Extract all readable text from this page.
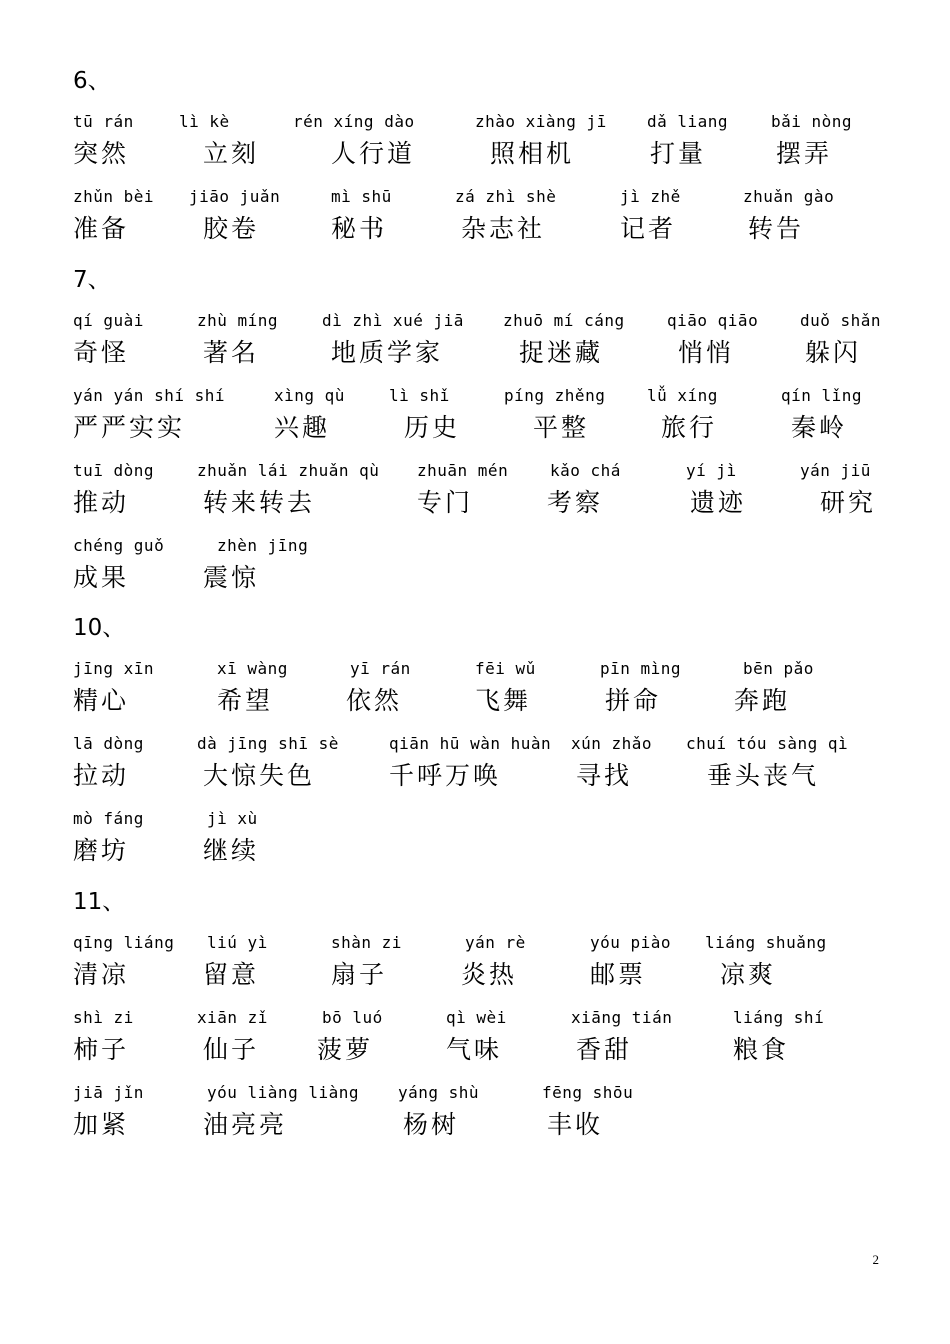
6、
tū rán
突然
lì kè
立刻
rén xíng dào
人行道
zhào xiàng jī
照相机
dǎ liang
打量
bǎi nòng
摆弄
zhǔn bèi
准备
jiāo juǎn
胶卷
mì shū
秘书
zá zhì shè
杂志社
jì zhě
记者
zhuǎn gào
转告
7、
qí guài
奇怪
zhù míng
著名
dì zhì xué jiā
地质学家
zhuō mí cáng
捉迷藏
qiāo qiāo
悄悄
duǒ shǎn
躲闪
yán yán shí shí
严严实实
xìng qù
兴趣
lì shǐ
历史
píng zhěng
平整
lǚ xíng
旅行
qín lǐng
秦岭
tuī dòng
推动
zhuǎn lái zhuǎn qù
转来转去
zhuān mén
专门
kǎo chá
考察
yí jì
遗迹
yán jiū
研究
chéng guǒ
成果
zhèn jīng
震惊
10、
jīng xīn
精心
xī wàng
希望
yī rán
依然
fēi wǔ
飞舞
pīn mìng
拼命
bēn pǎo
奔跑
lā dòng
拉动
dà jīng shī sè
大惊失色
qiān hū wàn huàn
千呼万唤
xún zhǎo
寻找
chuí tóu sàng qì
垂头丧气
mò fáng
磨坊
jì xù
继续
11、
qīng liáng
清凉
liú yì
留意
shàn zi
扇子
yán rè
炎热
yóu piào
邮票
liáng shuǎng
凉爽
shì zi
柿子
xiān zǐ
仙子
bō luó
菠萝
qì wèi
气味
xiāng tián
香甜
liáng shí
粮食
jiā jǐn
加紧
yóu liàng liàng
油亮亮
yáng shù
杨树
fēng shōu
丰收
2
